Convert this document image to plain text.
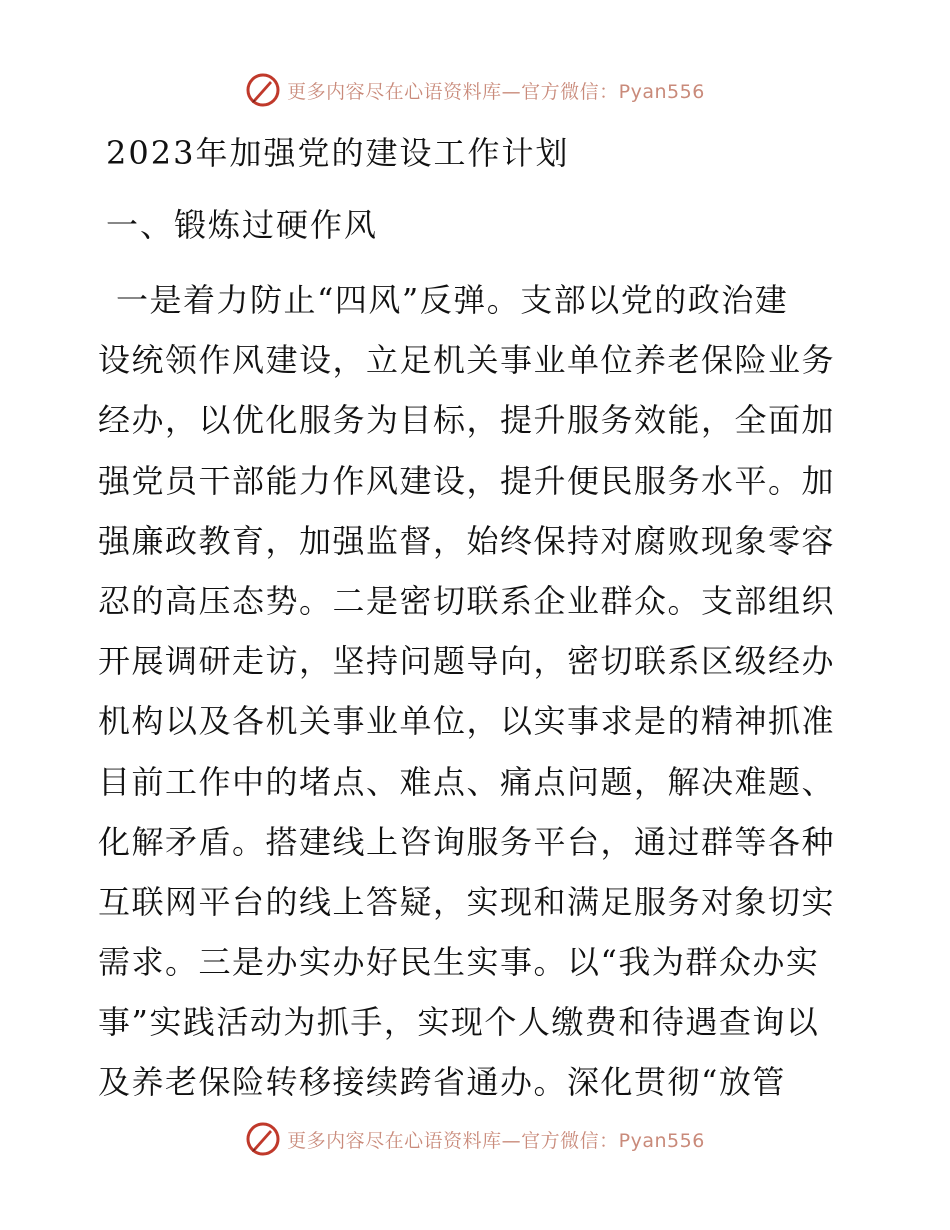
更多内容尽在心语资料库—官方微信：Pyan556
2023年加强党的建设工作计划
一、锻炼过硬作风
一是着力防止“四风”反弹。支部以党的政治建
设统领作风建设，立足机关事业单位养老保险业务
经办，以优化服务为目标，提升服务效能，全面加
强党员干部能力作风建设，提升便民服务水平。加
强廉政教育，加强监督，始终保持对腐败现象零容
忍的高压态势。二是密切联系企业群众。支部组织
开展调研走访，坚持问题导向，密切联系区级经办
机构以及各机关事业单位，以实事求是的精神抓准
目前工作中的堵点、难点、痛点问题，解决难题、
化解矛盾。搭建线上咨询服务平台，通过群等各种
互联网平台的线上答疑，实现和满足服务对象切实
需求。三是办实办好民生实事。以“我为群众办实
事”实践活动为抓手，实现个人缴费和待遇查询以
及养老保险转移接续跨省通办。深化贯彻“放管
更多内容尽在心语资料库—官方微信：Pyan556
